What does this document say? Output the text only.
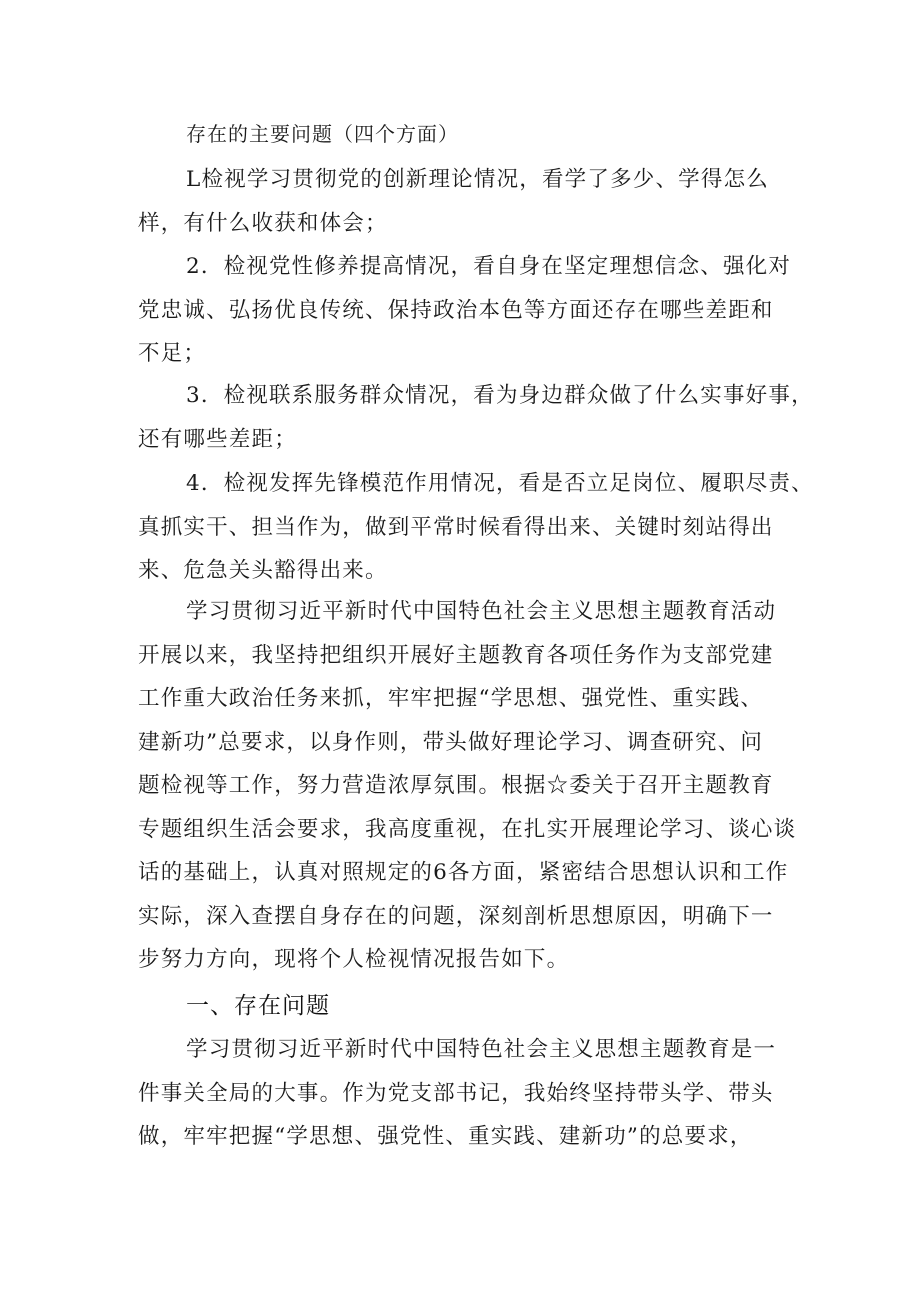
存在的主要问题（四个方面）

L检视学习贯彻党的创新理论情况，看学了多少、学得怎么
样，有什么收获和体会；
2．检视党性修养提高情况，看自身在坚定理想信念、强化对
党忠诚、弘扬优良传统、保持政治本色等方面还存在哪些差距和
不足；
3．检视联系服务群众情况，看为身边群众做了什么实事好事，
还有哪些差距；
4．检视发挥先锋模范作用情况，看是否立足岗位、履职尽责、
真抓实干、担当作为，做到平常时候看得出来、关键时刻站得出
来、危急关头豁得出来。
学习贯彻习近平新时代中国特色社会主义思想主题教育活动
开展以来，我坚持把组织开展好主题教育各项任务作为支部党建
工作重大政治任务来抓，牢牢把握“学思想、强党性、重实践、
建新功”总要求，以身作则，带头做好理论学习、调查研究、问
题检视等工作，努力营造浓厚氛围。根据☆委关于召开主题教育
专题组织生活会要求，我高度重视，在扎实开展理论学习、谈心谈
话的基础上，认真对照规定的6各方面，紧密结合思想认识和工作
实际，深入查摆自身存在的问题，深刻剖析思想原因，明确下一
步努力方向，现将个人检视情况报告如下。

一、存在问题

学习贯彻习近平新时代中国特色社会主义思想主题教育是一
件事关全局的大事。作为党支部书记，我始终坚持带头学、带头
做，牢牢把握“学思想、强党性、重实践、建新功”的总要求，
